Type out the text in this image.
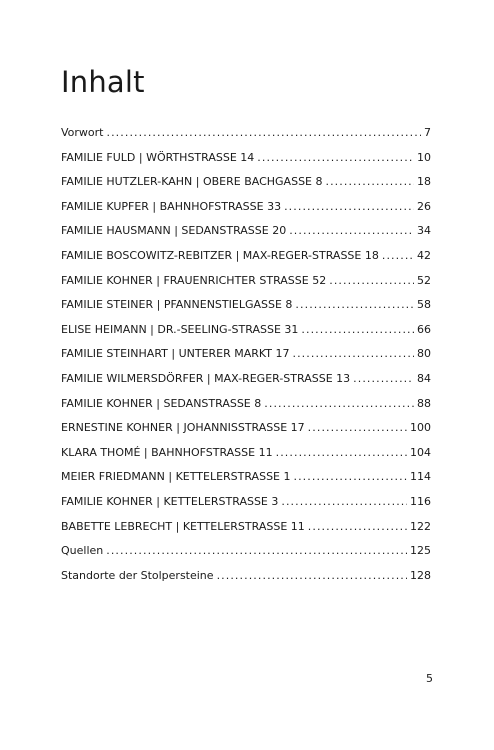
Inhalt
Vorwort . . .	7
FAMILIE FULD | WÖRTHSTRASSE 14 . . .	10
FAMILIE HUTZLER-KAHN | OBERE BACHGASSE 8 . . .	18
FAMILIE KUPFER | BAHNHOFSTRASSE 33 . . .	26
FAMILIE HAUSMANN | SEDANSTRASSE 20 . . .	34
FAMILIE BOSCOWITZ-REBITZER | MAX-REGER-STRASSE 18 . . .	42
FAMILIE KOHNER | FRAUENRICHTER STRASSE 52 . . .	52
FAMILIE STEINER | PFANNENSTIELGASSE 8 . . .	58
ELISE HEIMANN | DR.-SEELING-STRASSE 31 . . .	66
FAMILIE STEINHART | UNTERER MARKT 17 . . .	80
FAMILIE WILMERSDÖRFER | MAX-REGER-STRASSE 13 . . .	84
FAMILIE KOHNER | SEDANSTRASSE 8 . . .	88
ERNESTINE KOHNER | JOHANNISSTRASSE 17 . . .	100
KLARA THOMÉ | BAHNHOFSTRASSE 11 . . .	104
MEIER FRIEDMANN | KETTELERSTRASSE 1 . . .	114
FAMILIE KOHNER | KETTELERSTRASSE 3 . . .	116
BABETTE LEBRECHT | KETTELERSTRASSE 11 . . .	122
Quellen . . .	125
Standorte der Stolpersteine . . .	128
5
